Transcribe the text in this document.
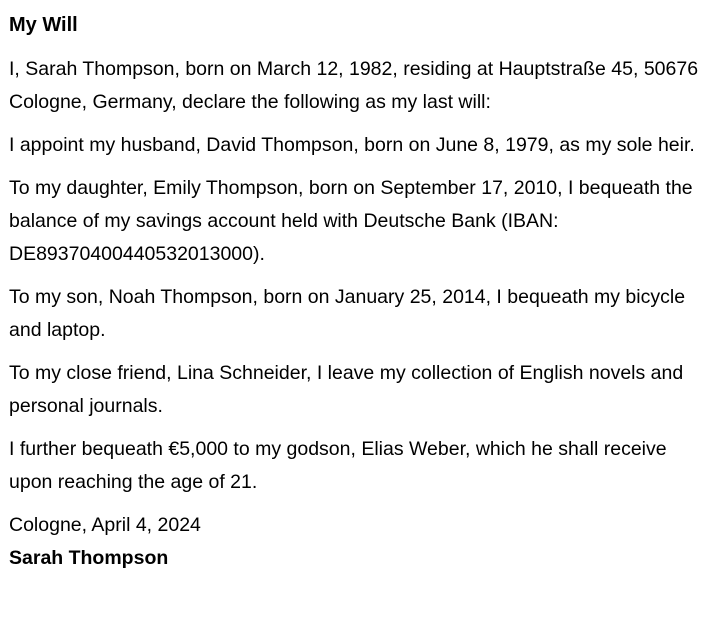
My Will

I, Sarah Thompson, born on March 12, 1982, residing at Hauptstraße 45, 50676 Cologne, Germany, declare the following as my last will:

I appoint my husband, David Thompson, born on June 8, 1979, as my sole heir.

To my daughter, Emily Thompson, born on September 17, 2010, I bequeath the balance of my savings account held with Deutsche Bank (IBAN: DE89370400440532013000).

To my son, Noah Thompson, born on January 25, 2014, I bequeath my bicycle and laptop.

To my close friend, Lina Schneider, I leave my collection of English novels and personal journals.

I further bequeath €5,000 to my godson, Elias Weber, which he shall receive upon reaching the age of 21.

Cologne, April 4, 2024

Sarah Thompson
